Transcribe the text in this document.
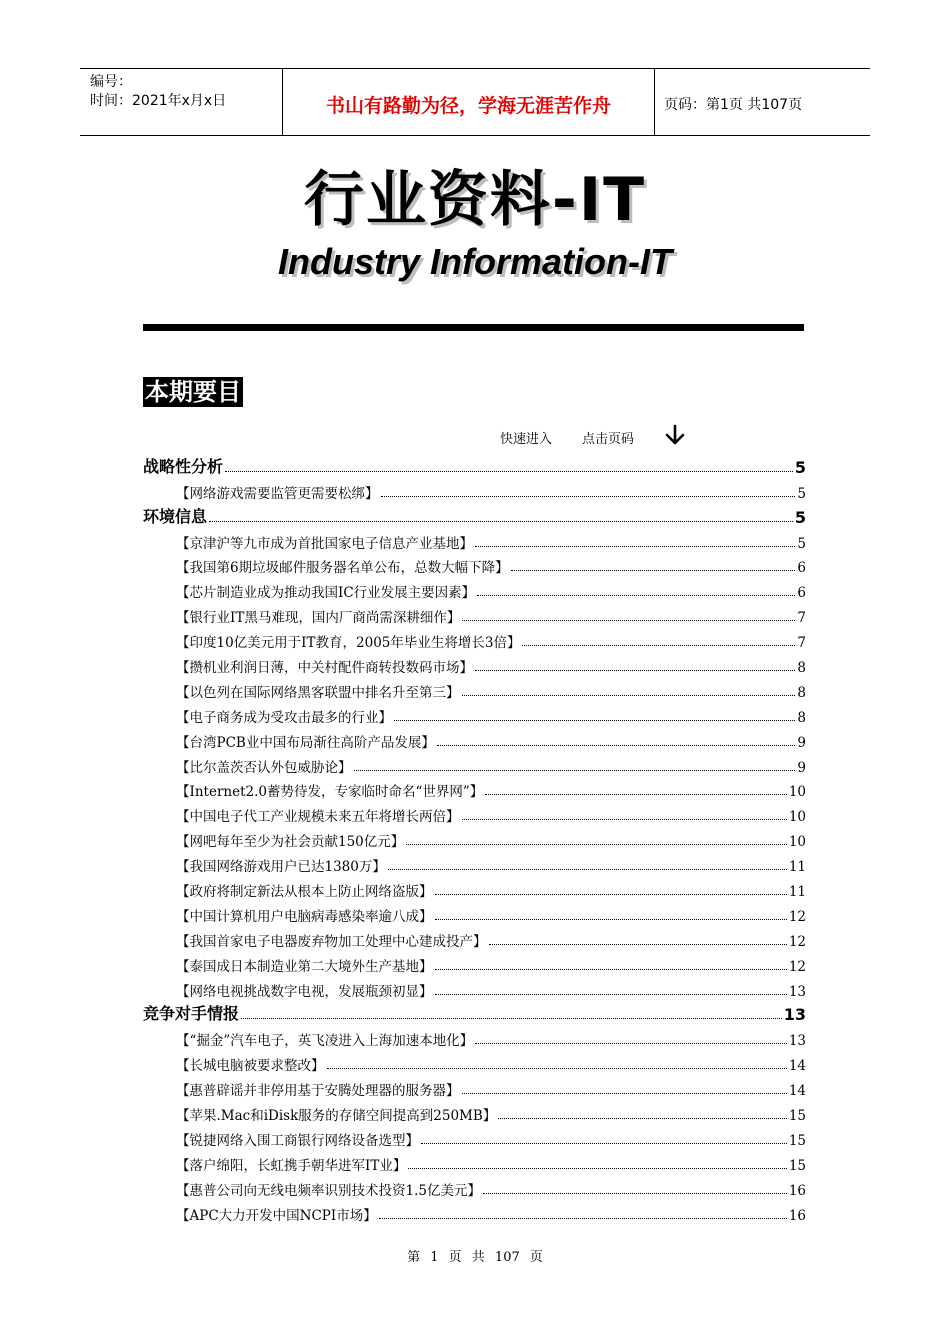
编号：
时间：2021年x月x日	书山有路勤为径，学海无涯苦作舟	页码：第1页 共107页
行业资料-IT
Industry Information-IT
本期要目
快速进入 点击页码
战略性分析	5
【网络游戏需要监管更需要松绑】	5
环境信息	5
【京津沪等九市成为首批国家电子信息产业基地】	5
【我国第6期垃圾邮件服务器名单公布，总数大幅下降】	6
【芯片制造业成为推动我国IC行业发展主要因素】	6
【银行业IT黑马难现，国内厂商尚需深耕细作】	7
【印度10亿美元用于IT教育，2005年毕业生将增长3倍】	7
【攒机业利润日薄，中关村配件商转投数码市场】	8
【以色列在国际网络黑客联盟中排名升至第三】	8
【电子商务成为受攻击最多的行业】	8
【台湾PCB业中国布局渐往高阶产品发展】	9
【比尔盖茨否认外包威胁论】	9
【Internet2.0蓄势待发，专家临时命名“世界网”】	10
【中国电子代工产业规模未来五年将增长两倍】	10
【网吧每年至少为社会贡献150亿元】	10
【我国网络游戏用户已达1380万】	11
【政府将制定新法从根本上防止网络盗版】	11
【中国计算机用户电脑病毒感染率逾八成】	12
【我国首家电子电器废弃物加工处理中心建成投产】	12
【泰国成日本制造业第二大境外生产基地】	12
【网络电视挑战数字电视，发展瓶颈初显】	13
竞争对手情报	13
【“掘金”汽车电子，英飞凌进入上海加速本地化】	13
【长城电脑被要求整改】	14
【惠普辟谣并非停用基于安腾处理器的服务器】	14
【苹果.Mac和iDisk服务的存储空间提高到250MB】	15
【锐捷网络入围工商银行网络设备选型】	15
【落户绵阳，长虹携手朝华进军IT业】	15
【惠普公司向无线电频率识别技术投资1.5亿美元】	16
【APC大力开发中国NCPI市场】	16
第 1 页 共 107 页
